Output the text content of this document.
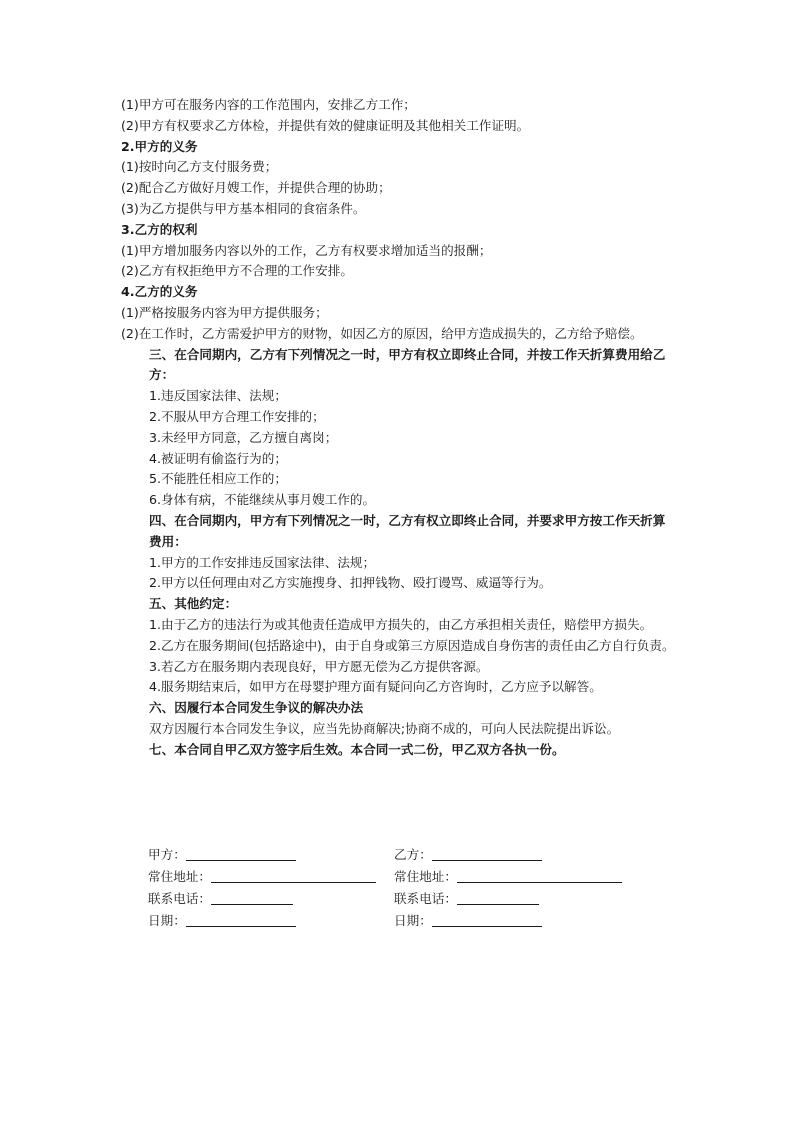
(1)甲方可在服务内容的工作范围内，安排乙方工作；
(2)甲方有权要求乙方体检，并提供有效的健康证明及其他相关工作证明。
2.甲方的义务
(1)按时向乙方支付服务费；
(2)配合乙方做好月嫂工作，并提供合理的协助；
(3)为乙方提供与甲方基本相同的食宿条件。
3.乙方的权利
(1)甲方增加服务内容以外的工作，乙方有权要求增加适当的报酬；
(2)乙方有权拒绝甲方不合理的工作安排。
4.乙方的义务
(1)严格按服务内容为甲方提供服务；
(2)在工作时，乙方需爱护甲方的财物，如因乙方的原因，给甲方造成损失的，乙方给予赔偿。
三、在合同期内，乙方有下列情况之一时，甲方有权立即终止合同，并按工作天折算费用给乙方：
1.违反国家法律、法规；
2.不服从甲方合理工作安排的；
3.未经甲方同意，乙方擅自离岗；
4.被证明有偷盗行为的；
5.不能胜任相应工作的；
6.身体有病，不能继续从事月嫂工作的。
四、在合同期内，甲方有下列情况之一时，乙方有权立即终止合同，并要求甲方按工作天折算费用：
1.甲方的工作安排违反国家法律、法规；
2.甲方以任何理由对乙方实施搜身、扣押钱物、殴打谩骂、威逼等行为。
五、其他约定：
1.由于乙方的违法行为或其他责任造成甲方损失的，由乙方承担相关责任，赔偿甲方损失。
2.乙方在服务期间(包括路途中)，由于自身或第三方原因造成自身伤害的责任由乙方自行负责。
3.若乙方在服务期内表现良好，甲方愿无偿为乙方提供客源。
4.服务期结束后，如甲方在母婴护理方面有疑问向乙方咨询时，乙方应予以解答。
六、因履行本合同发生争议的解决办法
双方因履行本合同发生争议，应当先协商解决;协商不成的，可向人民法院提出诉讼。
七、本合同自甲乙双方签字后生效。本合同一式二份，甲乙双方各执一份。
甲方：	乙方：
常住地址：	常住地址：
联系电话：	联系电话：
日期：	日期：
